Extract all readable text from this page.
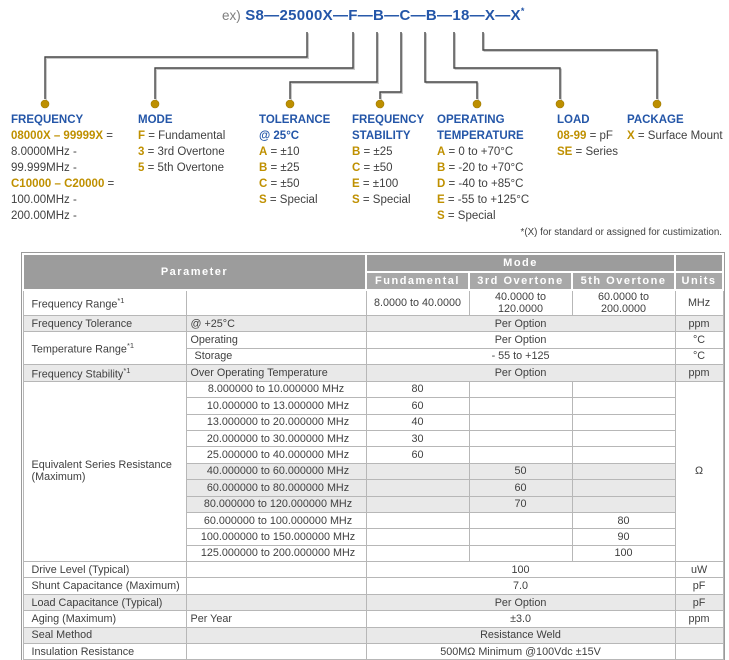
ex) S8—25000X—F—B—C—B—18—X—X*
FREQUENCY
08000X – 99999X =
8.0000MHz -
99.999MHz -
C10000 – C20000 =
100.00MHz -
200.00MHz -
MODE
F = Fundamental
3 = 3rd Overtone
5 = 5th Overtone
TOLERANCE
@ 25°C
A = ±10
B = ±25
C = ±50
S = Special
FREQUENCY
STABILITY
B = ±25
C = ±50
E = ±100
S = Special
OPERATING
TEMPERATURE
A = 0 to +70°C
B = -20 to +70°C
D = -40 to +85°C
E = -55 to +125°C
S = Special
LOAD
08-99 = pF
SE = Series
PACKAGE
X = Surface Mount
*(X) for standard or assigned for custimization.
Parameter		Mode			
		Fundamental	3rd Overtone	5th Overtone	Units
Frequency Range$^{*1}$		8.0000 to 40.0000	40.0000 to 120.0000	60.0000 to 200.0000	MHz
Frequency Tolerance	@ +25°C	Per Option			ppm
Temperature Range$^{*1}$	Operating	Per Option			°C
	Storage	- 55 to +125			°C
Frequency Stability$^{*1}$	Over Operating Temperature	Per Option			ppm
Equivalent Series Resistance (Maximum)	8.000000 to 10.000000 MHz	80			Ω
	10.000000 to 13.000000 MHz	60			
	13.000000 to 20.000000 MHz	40			
	20.000000 to 30.000000 MHz	30			
	25.000000 to 40.000000 MHz	60			
	40.000000 to 60.000000 MHz		50		
	60.000000 to 80.000000 MHz		60		
	80.000000 to 120.000000 MHz		70		
	60.000000 to 100.000000 MHz			80	
	100.000000 to 150.000000 MHz			90	
	125.000000 to 200.000000 MHz			100	
Drive Level (Typical)		100			uW
Shunt Capacitance (Maximum)		7.0			pF
Load Capacitance (Typical)		Per Option			pF
Aging (Maximum)	Per Year	±3.0			ppm
Seal Method		Resistance Weld			
Insulation Resistance		500MΩ Minimum @100Vdc ±15V			
